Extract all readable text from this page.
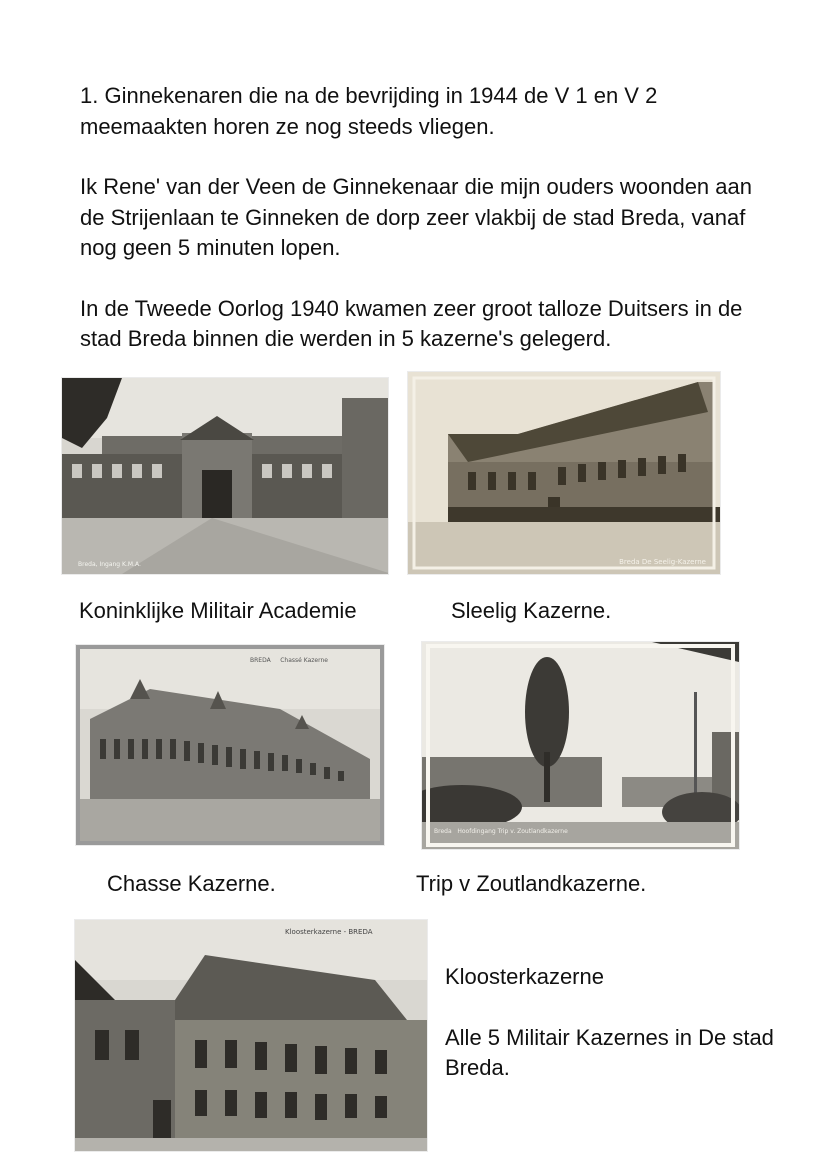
1. Ginnekenaren die na de bevrijding in 1944 de V 1 en V 2 meemaakten horen ze nog steeds vliegen.

Ik Rene' van der Veen de Ginnekenaar die mijn ouders woonden aan de Strijenlaan te Ginneken de dorp zeer vlakbij de stad Breda, vanaf nog geen 5 minuten lopen.

In de Tweede Oorlog 1940 kwamen zeer groot talloze Duitsers in de stad Breda binnen die werden in 5 kazerne's gelegerd.

Breda, Ingang K.M.A.	Breda De Seelig-Kazerne
Koninklijke Militair Academie	Sleelig Kazerne.
BREDA     Chassé Kazerne
Breda   Hoofdingang Trip v. Zoutlandkazerne
Chasse Kazerne.	Trip v Zoutlandkazerne.
Kloosterkazerne - BREDA

Kloosterkazerne

Alle 5 Militair Kazernes in De stad Breda.
